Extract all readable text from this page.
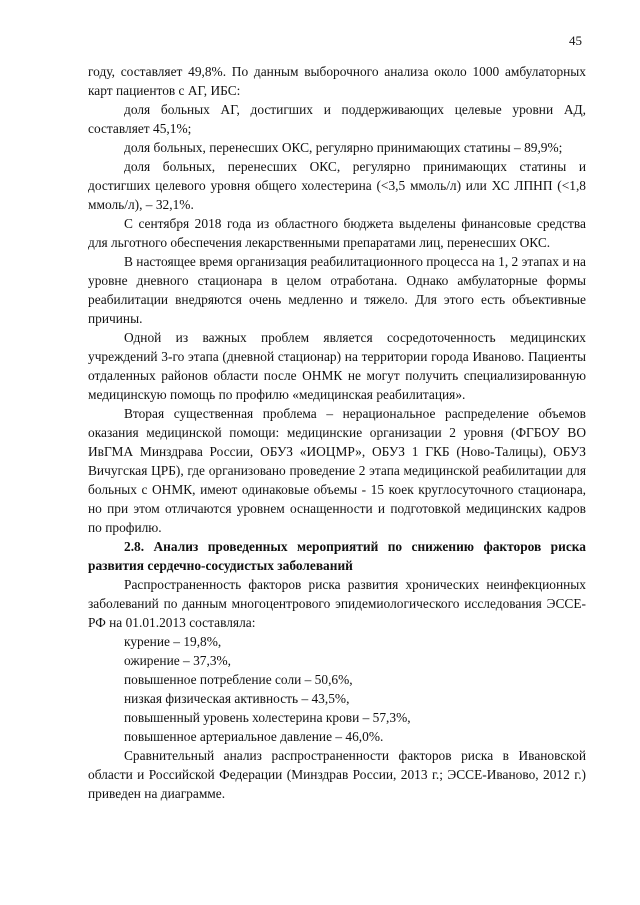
45

году, составляет 49,8%. По данным выборочного анализа около 1000 амбулаторных карт пациентов с АГ, ИБС:

доля больных АГ, достигших и поддерживающих целевые уровни АД, составляет 45,1%;

доля больных, перенесших ОКС, регулярно принимающих статины – 89,9%;

доля больных, перенесших ОКС, регулярно принимающих статины и достигших целевого уровня общего холестерина (<3,5 ммоль/л) или ХС ЛПНП (<1,8 ммоль/л), – 32,1%.

С сентября 2018 года из областного бюджета выделены финансовые средства для льготного обеспечения лекарственными препаратами лиц, перенесших ОКС.

В настоящее время организация реабилитационного процесса на 1, 2 этапах и на уровне дневного стационара в целом отработана. Однако амбулаторные формы реабилитации внедряются очень медленно и тяжело. Для этого есть объективные причины.

Одной из важных проблем является сосредоточенность медицинских учреждений 3-го этапа (дневной стационар) на территории города Иваново. Пациенты отдаленных районов области после ОНМК не могут получить специализированную медицинскую помощь по профилю «медицинская реабилитация».

Вторая существенная проблема – нерациональное распределение объемов оказания медицинской помощи: медицинские организации 2 уровня (ФГБОУ ВО ИвГМА Минздрава России, ОБУЗ «ИОЦМР», ОБУЗ 1 ГКБ (Ново-Талицы), ОБУЗ Вичугская ЦРБ), где организовано проведение 2 этапа медицинской реабилитации для больных с ОНМК, имеют одинаковые объемы - 15 коек круглосуточного стационара, но при этом отличаются уровнем оснащенности и подготовкой медицинских кадров по профилю.

2.8. Анализ проведенных мероприятий по снижению факторов риска развития сердечно-сосудистых заболеваний

Распространенность факторов риска развития хронических неинфекционных заболеваний по данным многоцентрового эпидемиологического исследования ЭССЕ-РФ на 01.01.2013 составляла:

курение – 19,8%,

ожирение – 37,3%,

повышенное потребление соли – 50,6%,

низкая физическая активность – 43,5%,

повышенный уровень холестерина крови – 57,3%,

повышенное артериальное давление – 46,0%.

Сравнительный анализ распространенности факторов риска в Ивановской области и Российской Федерации (Минздрав России, 2013 г.; ЭССЕ-Иваново, 2012 г.) приведен на диаграмме.
